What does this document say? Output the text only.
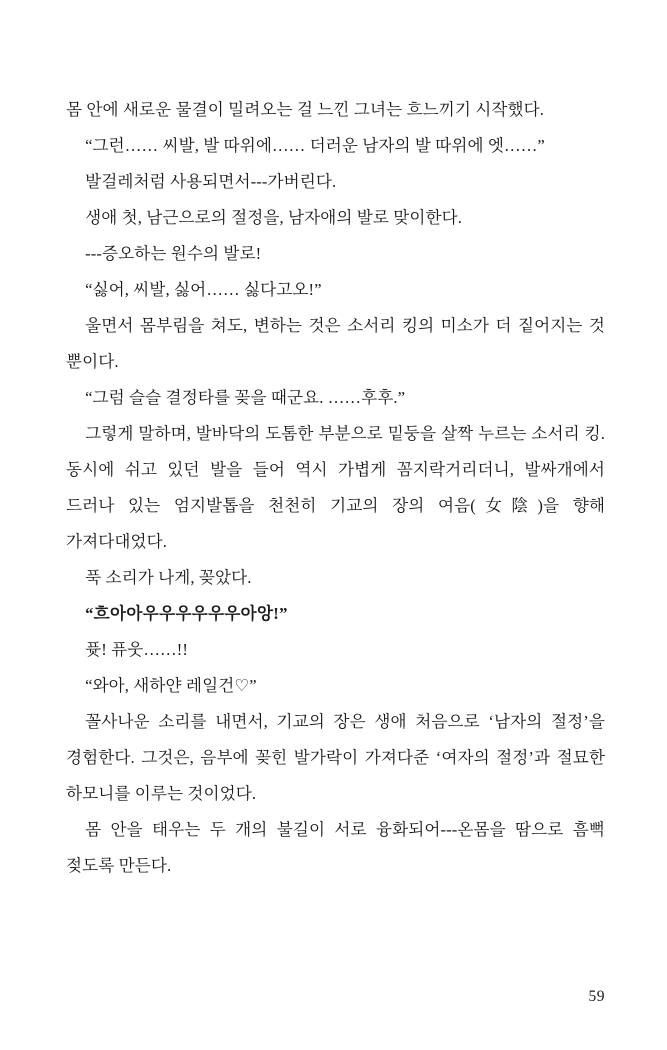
몸 안에 새로운 물결이 밀려오는 걸 느낀 그녀는 흐느끼기 시작했다.

“그런…… 씨발, 발 따위에…… 더러운 남자의 발 따위에 엣……”

발걸레처럼 사용되면서---가버린다.

생애 첫, 남근으로의 절정을, 남자애의 발로 맞이한다.

---증오하는 원수의 발로!

“싫어, 씨발, 싫어…… 싫다고오!”

울면서 몸부림을 쳐도, 변하는 것은 소서리 킹의 미소가 더 짙어지는 것 뿐이다.

“그럼 슬슬 결정타를 꽂을 때군요. ……후후.”

그렇게 말하며, 발바닥의 도톰한 부분으로 밑둥을 살짝 누르는 소서리 킹. 동시에 쉬고 있던 발을 들어 역시 가볍게 꼼지락거리더니, 발싸개에서 드러나 있는 엄지발톱을 천천히 기교의 장의 여음(女陰)을 향해 가져다대었다.

푹 소리가 나게, 꽂았다.

“흐아아우우우우우우아앙!”

퓻! 퓨웃……!!

“와아, 새하얀 레일건♡”

꼴사나운 소리를 내면서, 기교의 장은 생애 처음으로 ‘남자의 절정’을 경험한다. 그것은, 음부에 꽂힌 발가락이 가져다준 ‘여자의 절정’과 절묘한 하모니를 이루는 것이었다.

몸 안을 태우는 두 개의 불길이 서로 융화되어---온몸을 땀으로 흠뻑 젖도록 만든다.

59
